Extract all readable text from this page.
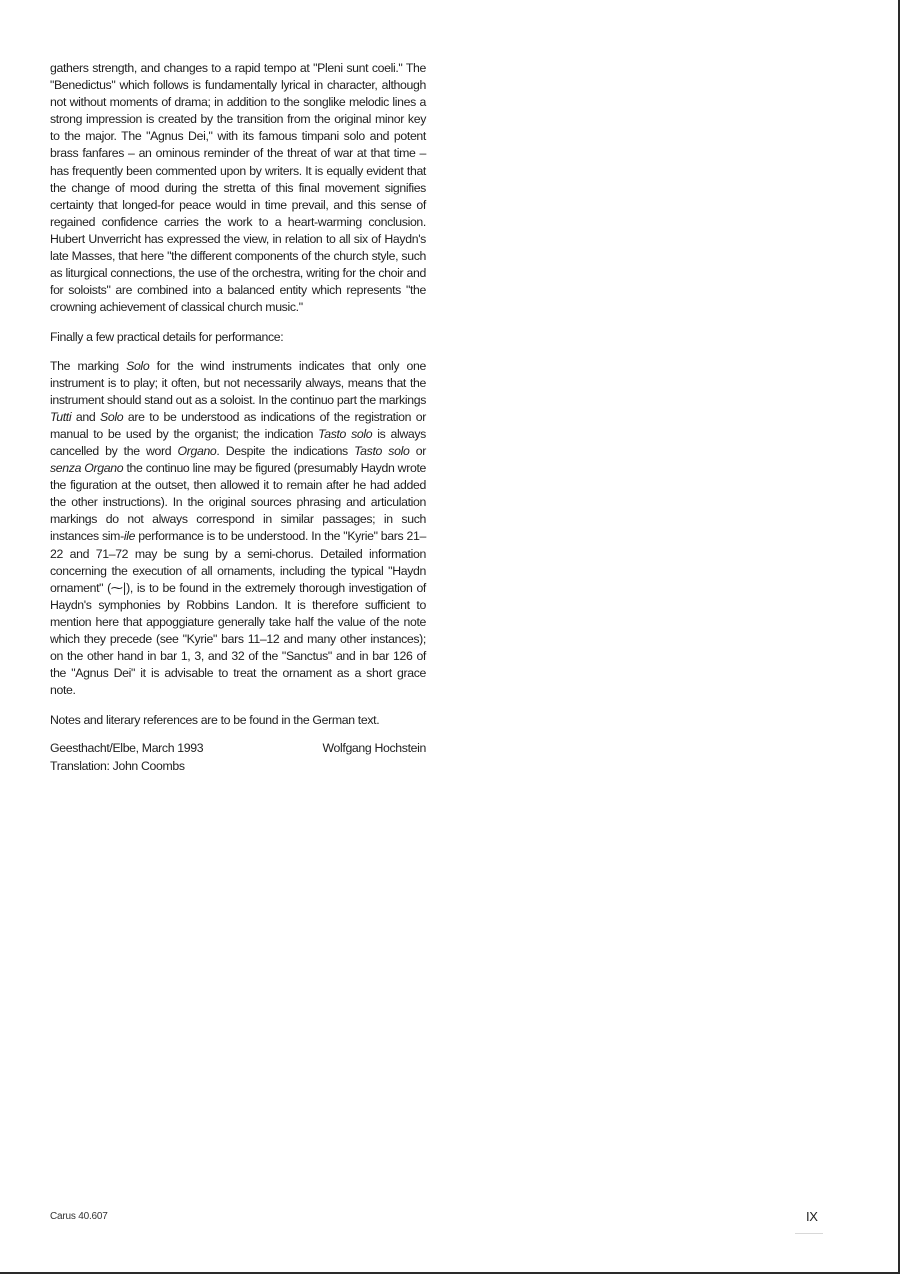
gathers strength, and changes to a rapid tempo at "Pleni sunt coeli." The "Benedictus" which follows is fundamentally lyrical in character, although not without moments of drama; in addition to the songlike melodic lines a strong impression is created by the transition from the original minor key to the major. The "Agnus Dei," with its famous timpani solo and potent brass fanfares – an ominous reminder of the threat of war at that time – has frequently been commented upon by writers. It is equally evident that the change of mood during the stretta of this final movement signifies certainty that longed-for peace would in time prevail, and this sense of regained confidence carries the work to a heart-warming conclusion. Hubert Unverricht has expressed the view, in relation to all six of Haydn's late Masses, that here "the different components of the church style, such as liturgical connections, the use of the orchestra, writing for the choir and for soloists" are combined into a balanced entity which represents "the crowning achievement of classical church music."

Finally a few practical details for performance:

The marking Solo for the wind instruments indicates that only one instrument is to play; it often, but not necessarily always, means that the instrument should stand out as a soloist. In the continuo part the markings Tutti and Solo are to be understood as indications of the registration or manual to be used by the organist; the indication Tasto solo is always cancelled by the word Organo. Despite the indications Tasto solo or senza Organo the continuo line may be figured (presumably Haydn wrote the figuration at the outset, then allowed it to remain after he had added the other instructions). In the original sources phrasing and articulation markings do not always correspond in similar passages; in such instances sim-ile performance is to be understood. In the "Kyrie" bars 21–22 and 71–72 may be sung by a semi-chorus. Detailed information concerning the execution of all ornaments, including the typical "Haydn ornament" (⁓|), is to be found in the extremely thorough investigation of Haydn's symphonies by Robbins Landon. It is therefore sufficient to mention here that appoggiature generally take half the value of the note which they precede (see "Kyrie" bars 11–12 and many other instances); on the other hand in bar 1, 3, and 32 of the "Sanctus" and in bar 126 of the "Agnus Dei" it is advisable to treat the ornament as a short grace note.

Notes and literary references are to be found in the German text.

Geesthacht/Elbe, March 1993
Translation: John Coombs
Wolfgang Hochstein
Carus 40.607	IX
